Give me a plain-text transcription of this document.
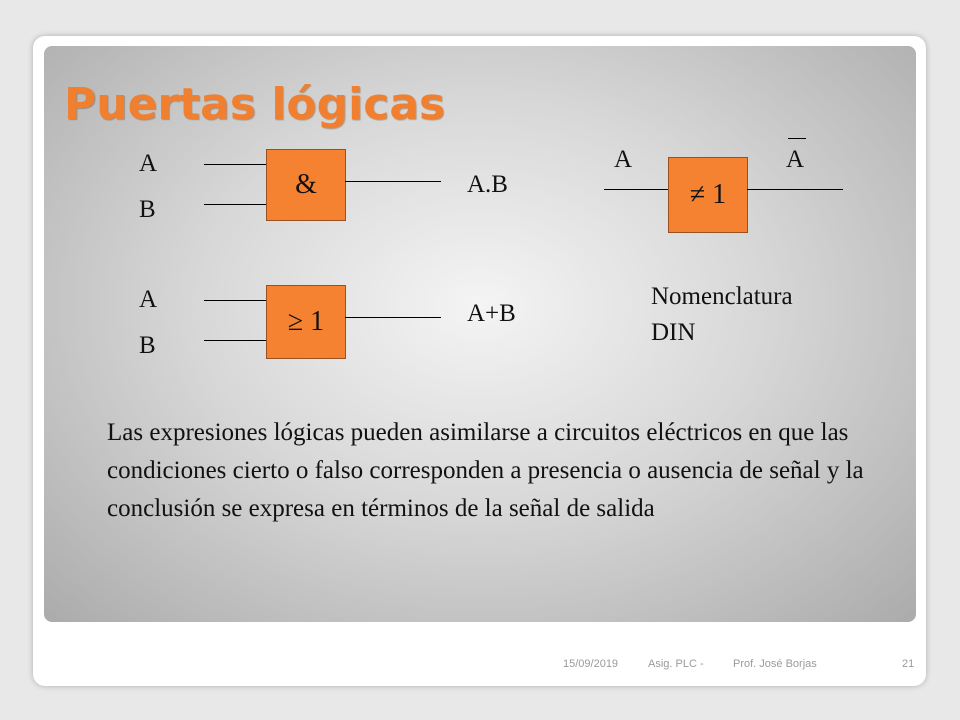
Puertas lógicas
A
B
&	A.B
A
B
≥ 1	A+B
A
≠ 1
A
Nomenclatura
DIN

Las expresiones lógicas pueden asimilarse a circuitos eléctricos en que las condiciones cierto o falso corresponden a presencia o ausencia de señal y la conclusión se expresa en términos de la señal de salida

15/09/2019	Asig. PLC -	Prof. José Borjas	21
